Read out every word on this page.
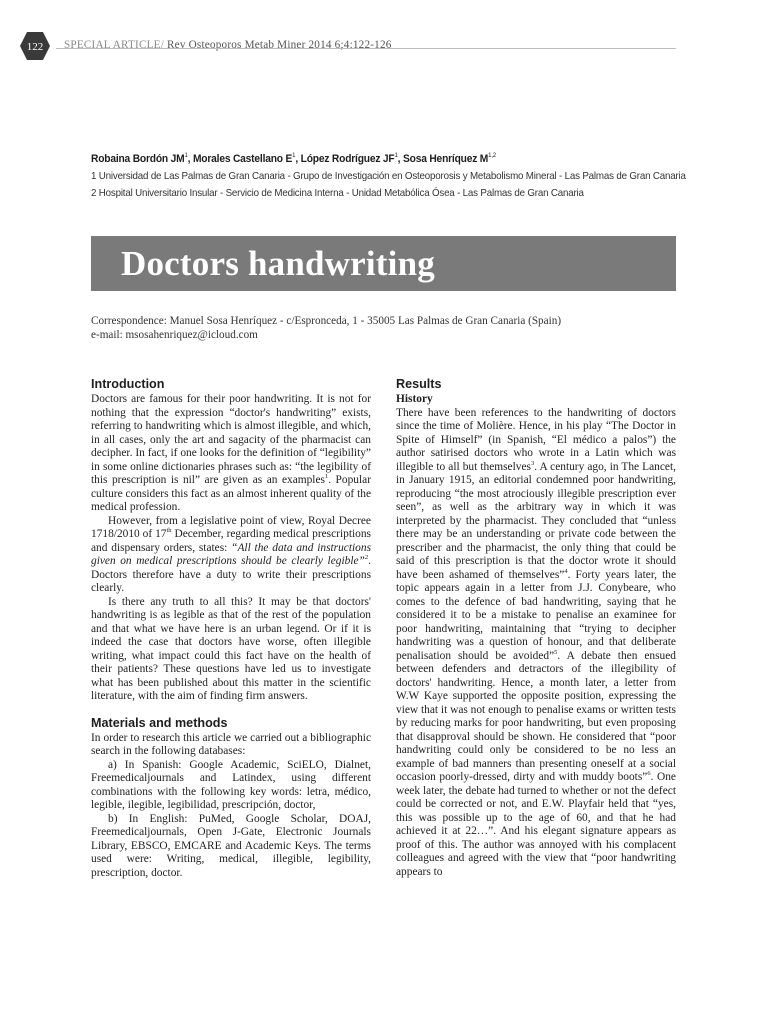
122 SPECIAL ARTICLE/ Rev Osteoporos Metab Miner 2014 6;4:122-126
Robaina Bordón $JM^1$, Morales Castellano $E^1$, López Rodríguez $JF^1$, Sosa Henríquez M$^{1,2}$
1 Universidad de Las Palmas de Gran Canaria - Grupo de Investigación en Osteoporosis y Metabolismo Mineral - Las Palmas de Gran Canaria
2 Hospital Universitario Insular - Servicio de Medicina Interna - Unidad Metabólica Ósea - Las Palmas de Gran Canaria
Doctors handwriting
Correspondence: Manuel Sosa Henríquez - c/Espronceda, 1 - 35005 Las Palmas de Gran Canaria (Spain)
e-mail: msosahenriquez@icloud.com
Introduction

Doctors are famous for their poor handwriting. It is not for nothing that the expression “doctor's handwriting” exists, referring to handwriting which is almost illegible, and which, in all cases, only the art and sagacity of the pharmacist can decipher. In fact, if one looks for the definition of “legibility” in some online dictionaries phrases such as: “the legibility of this prescription is nil” are given as an examples$^1$. Popular culture considers this fact as an almost inherent quality of the medical profession.

However, from a legislative point of view, Royal Decree 1718/2010 of 17th December, regarding medical prescriptions and dispensary orders, states: “All the data and instructions given on medical prescriptions should be clearly legible”$^2$. Doctors therefore have a duty to write their prescriptions clearly.

Is there any truth to all this? It may be that doctors' handwriting is as legible as that of the rest of the population and that what we have here is an urban legend. Or if it is indeed the case that doctors have worse, often illegible writing, what impact could this fact have on the health of their patients? These questions have led us to investigate what has been published about this matter in the scientific literature, with the aim of finding firm answers.

Materials and methods

In order to research this article we carried out a bibliographic search in the following databases:

a) In Spanish: Google Academic, SciELO, Dialnet, Freemedicaljournals and Latindex, using different combinations with the following key words: letra, médico, legible, ilegible, legibilidad, prescripción, doctor,

b) In English: PuMed, Google Scholar, DOAJ, Freemedicaljournals, Open J-Gate, Electronic Journals Library, EBSCO, EMCARE and Academic Keys. The terms used were: Writing, medical, illegible, legibility, prescription, doctor.

Results
History

There have been references to the handwriting of doctors since the time of Molière. Hence, in his play “The Doctor in Spite of Himself” (in Spanish, “El médico a palos”) the author satirised doctors who wrote in a Latin which was illegible to all but themselves$^3$. A century ago, in The Lancet, in January 1915, an editorial condemned poor handwriting, reproducing “the most atrociously illegible prescription ever seen”, as well as the arbitrary way in which it was interpreted by the pharmacist. They concluded that “unless there may be an understanding or private code between the prescriber and the pharmacist, the only thing that could be said of this prescription is that the doctor wrote it should have been ashamed of themselves”$^4$. Forty years later, the topic appears again in a letter from J.J. Conybeare, who comes to the defence of bad handwriting, saying that he considered it to be a mistake to penalise an examinee for poor handwriting, maintaining that “trying to decipher handwriting was a question of honour, and that deliberate penalisation should be avoided”$^5$. A debate then ensued between defenders and detractors of the illegibility of doctors' handwriting. Hence, a month later, a letter from W.W Kaye supported the opposite position, expressing the view that it was not enough to penalise exams or written tests by reducing marks for poor handwriting, but even proposing that disapproval should be shown. He considered that “poor handwriting could only be considered to be no less an example of bad manners than presenting oneself at a social occasion poorly-dressed, dirty and with muddy boots”$^6$. One week later, the debate had turned to whether or not the defect could be corrected or not, and E.W. Playfair held that “yes, this was possible up to the age of 60, and that he had achieved it at 22…”. And his elegant signature appears as proof of this. The author was annoyed with his complacent colleagues and agreed with the view that “poor handwriting appears to
